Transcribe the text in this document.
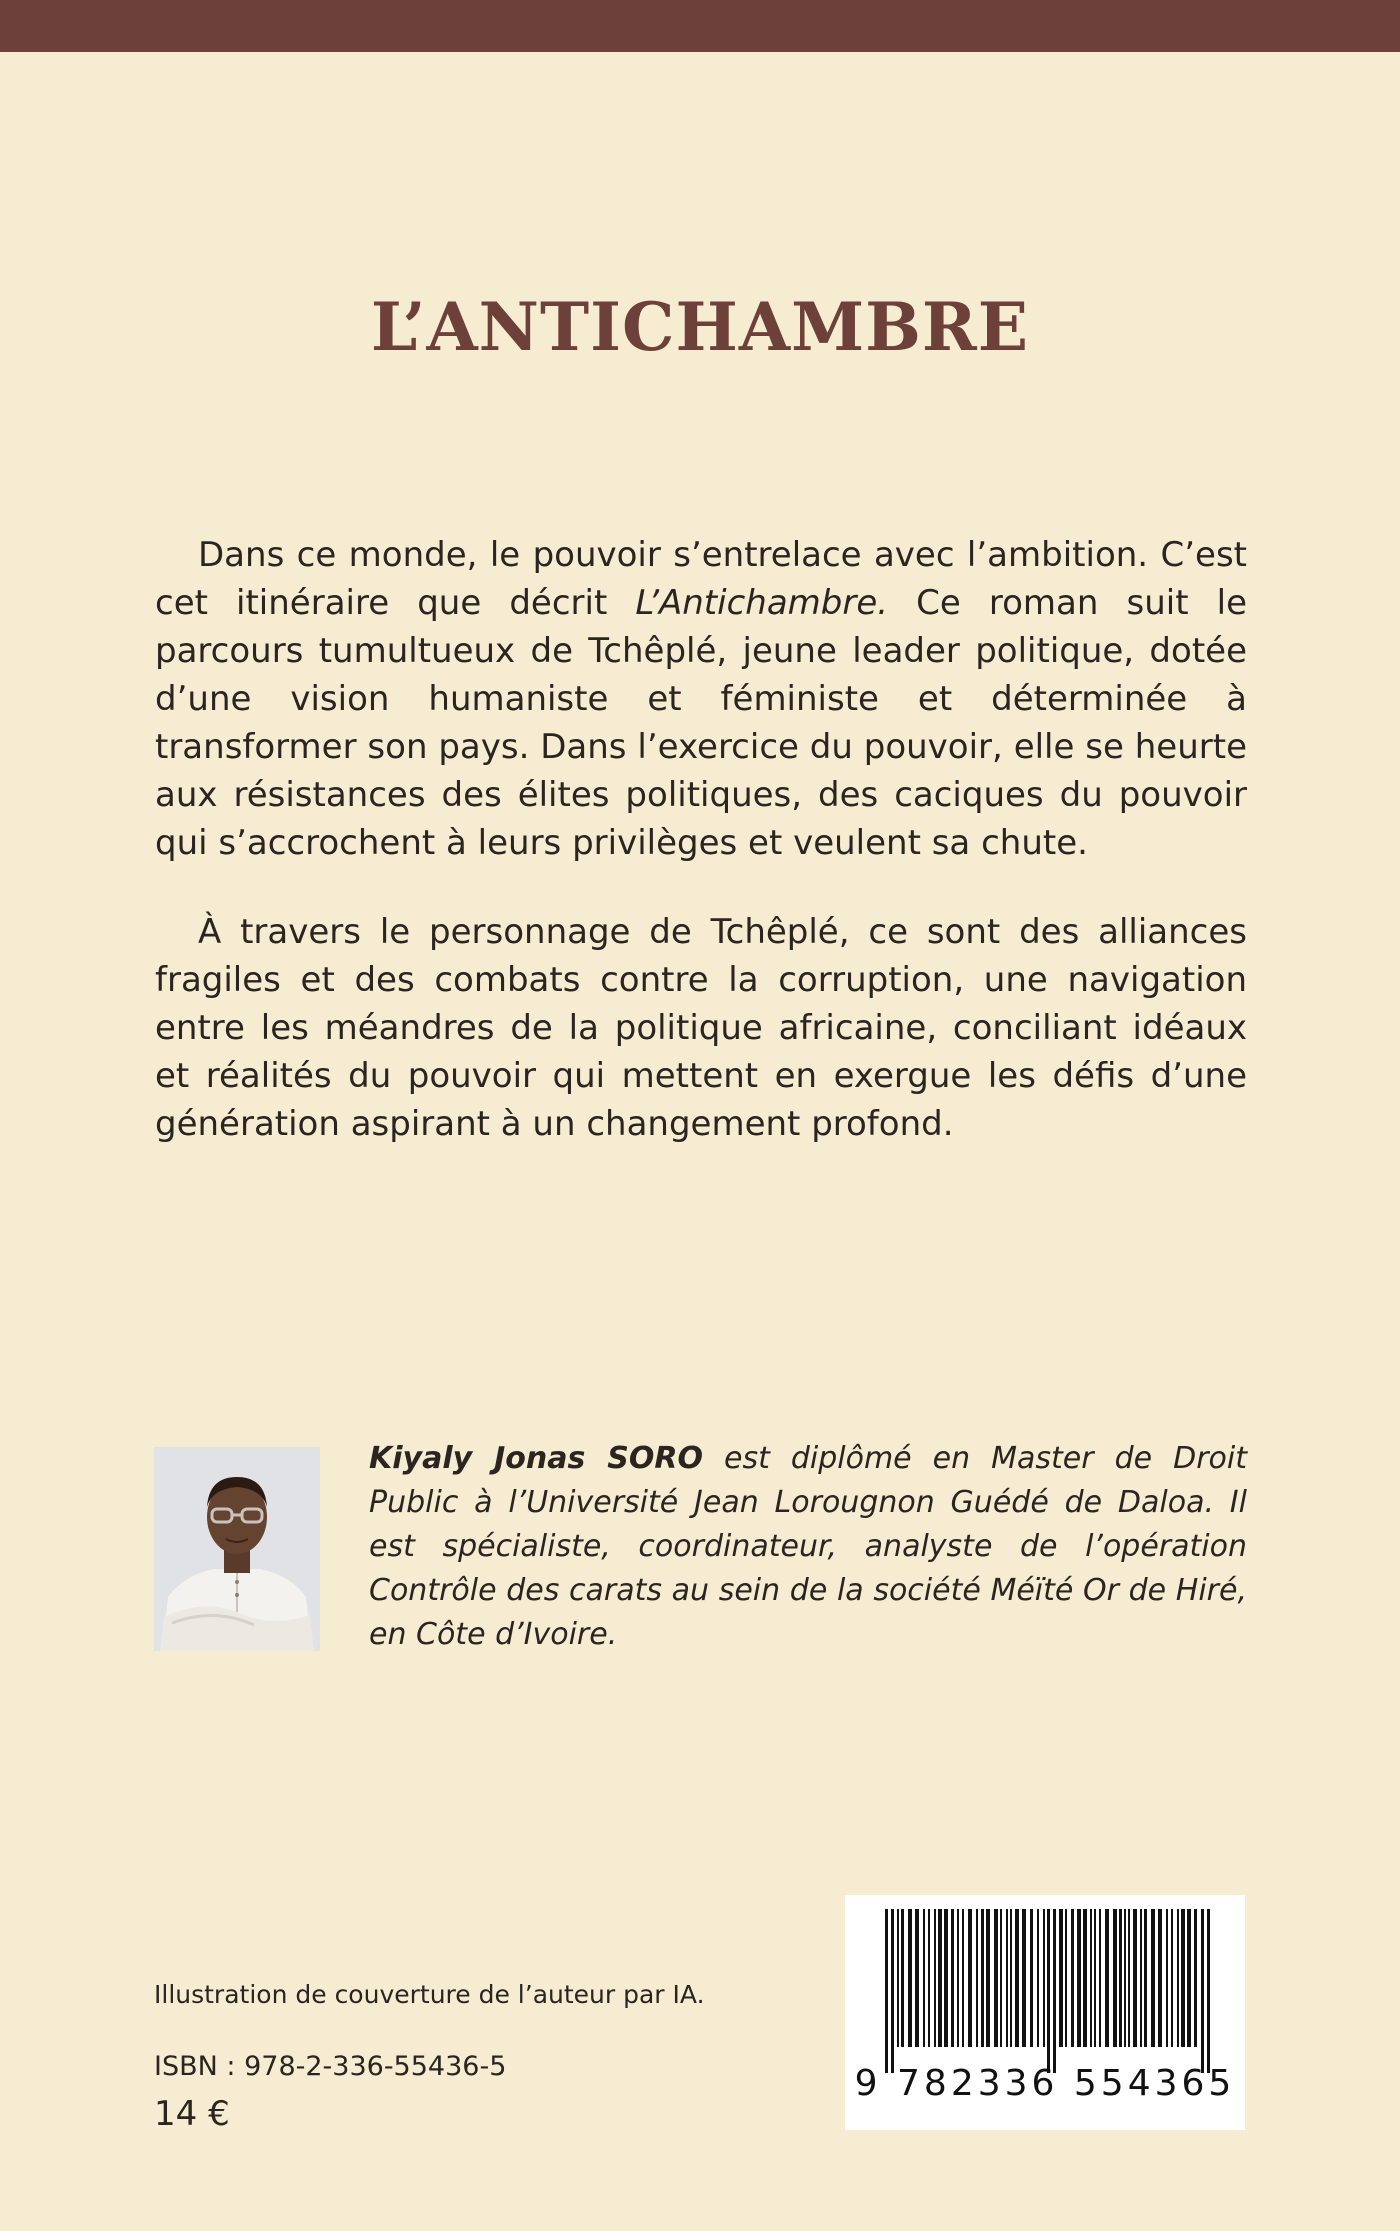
L’ANTICHAMBRE

Dans ce monde, le pouvoir s’entrelace avec l’ambition. C’est cet itinéraire que décrit L’Antichambre. Ce roman suit le parcours tumultueux de Tchêplé, jeune leader politique, dotée d’une vision humaniste et féministe et déterminée à transformer son pays. Dans l’exercice du pouvoir, elle se heurte aux résistances des élites politiques, des caciques du pouvoir qui s’accrochent à leurs privilèges et veulent sa chute.

À travers le personnage de Tchêplé, ce sont des alliances fragiles et des combats contre la corruption, une navigation entre les méandres de la politique africaine, conciliant idéaux et réalités du pouvoir qui mettent en exergue les défis d’une génération aspirant à un changement profond.

Kiyaly Jonas SORO est diplômé en Master de Droit Public à l’Université Jean Lorougnon Guédé de Daloa. Il est spécialiste, coordinateur, analyste de l’opération Contrôle des carats au sein de la société Méïté Or de Hiré, en Côte d’Ivoire.

Illustration de couverture de l’auteur par IA.

ISBN : 978-2-336-55436-5

14 €

9 782336 554365
